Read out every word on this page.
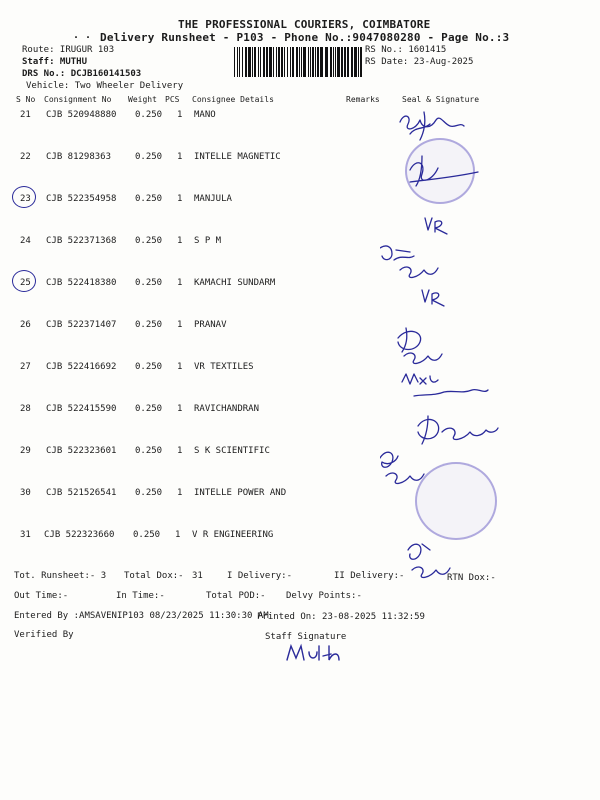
THE PROFESSIONAL COURIERS, COIMBATORE
. . Delivery Runsheet - P103 - Phone No.:9047080280 - Page No.:3
Route: IRUGUR 103
Staff: MUTHU
DRS No.: DCJB160141503
Vehicle: Two Wheeler Delivery
RS No.: 1601415
RS Date: 23-Aug-2025
S No Consignment No Weight PCS Consignee Details	Remarks	Seal & Signature
21 CJB 520948880 0.250 1 MANO
22 CJB 81298363	0.250 1 INTELLE MAGNETIC
23 CJB 522354958 0.250 1 MANJULA
24 CJB 522371368 0.250 1 S P M
25 CJB 522418380 0.250 1 KAMACHI SUNDARM
26 CJB 522371407 0.250 1 PRANAV
27 CJB 522416692 0.250 1 VR TEXTILES
28 CJB 522415590 0.250 1 RAVICHANDRAN
29 CJB 522323601 0.250 1 S K SCIENTIFIC
30 CJB 521526541 0.250 1 INTELLE POWER AND
31 CJB 522323660 0.250 1 V R ENGINEERING
Tot. Runsheet:- 3 Total Dox:- 31	I Delivery:-	II Delivery:-	RTN Dox:-
Out Time:-	In Time:-	Total POD:- Delvy Points:-
Entered By :AMSAVENIP103 08/23/2025 11:30:30 AM
Printed On: 23-08-2025 11:32:59
Verified By	Staff Signature
